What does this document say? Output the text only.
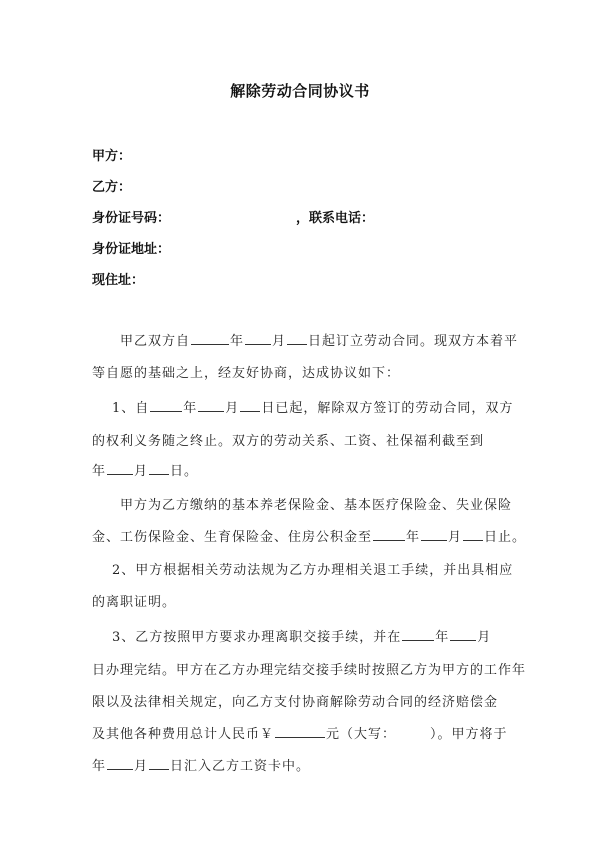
解除劳动合同协议书
甲方：
乙方：
身份证号码：	，联系电话：
身份证地址：
现住址：
甲乙双方自	年 月 日起订立劳动合同。现双方本着平
等自愿的基础之上，经友好协商，达成协议如下：
1、自	年 月 日已起，解除双方签订的劳动合同，双方
的权利义务随之终止。双方的劳动关系、工资、社保福利截至到
年 月 日。
甲方为乙方缴纳的基本养老保险金、基本医疗保险金、失业保险
金、工伤保险金、生育保险金、住房公积金至	年 月 日止。
2、甲方根据相关劳动法规为乙方办理相关退工手续，并出具相应
的离职证明。
3、乙方按照甲方要求办理离职交接手续，并在	年 月
日办理完结。甲方在乙方办理完结交接手续时按照乙方为甲方的工作年
限以及法律相关规定，向乙方支付协商解除劳动合同的经济赔偿金
及其他各种费用总计人民币￥	元（大写：	）。甲方将于
年 月 日汇入乙方工资卡中。
